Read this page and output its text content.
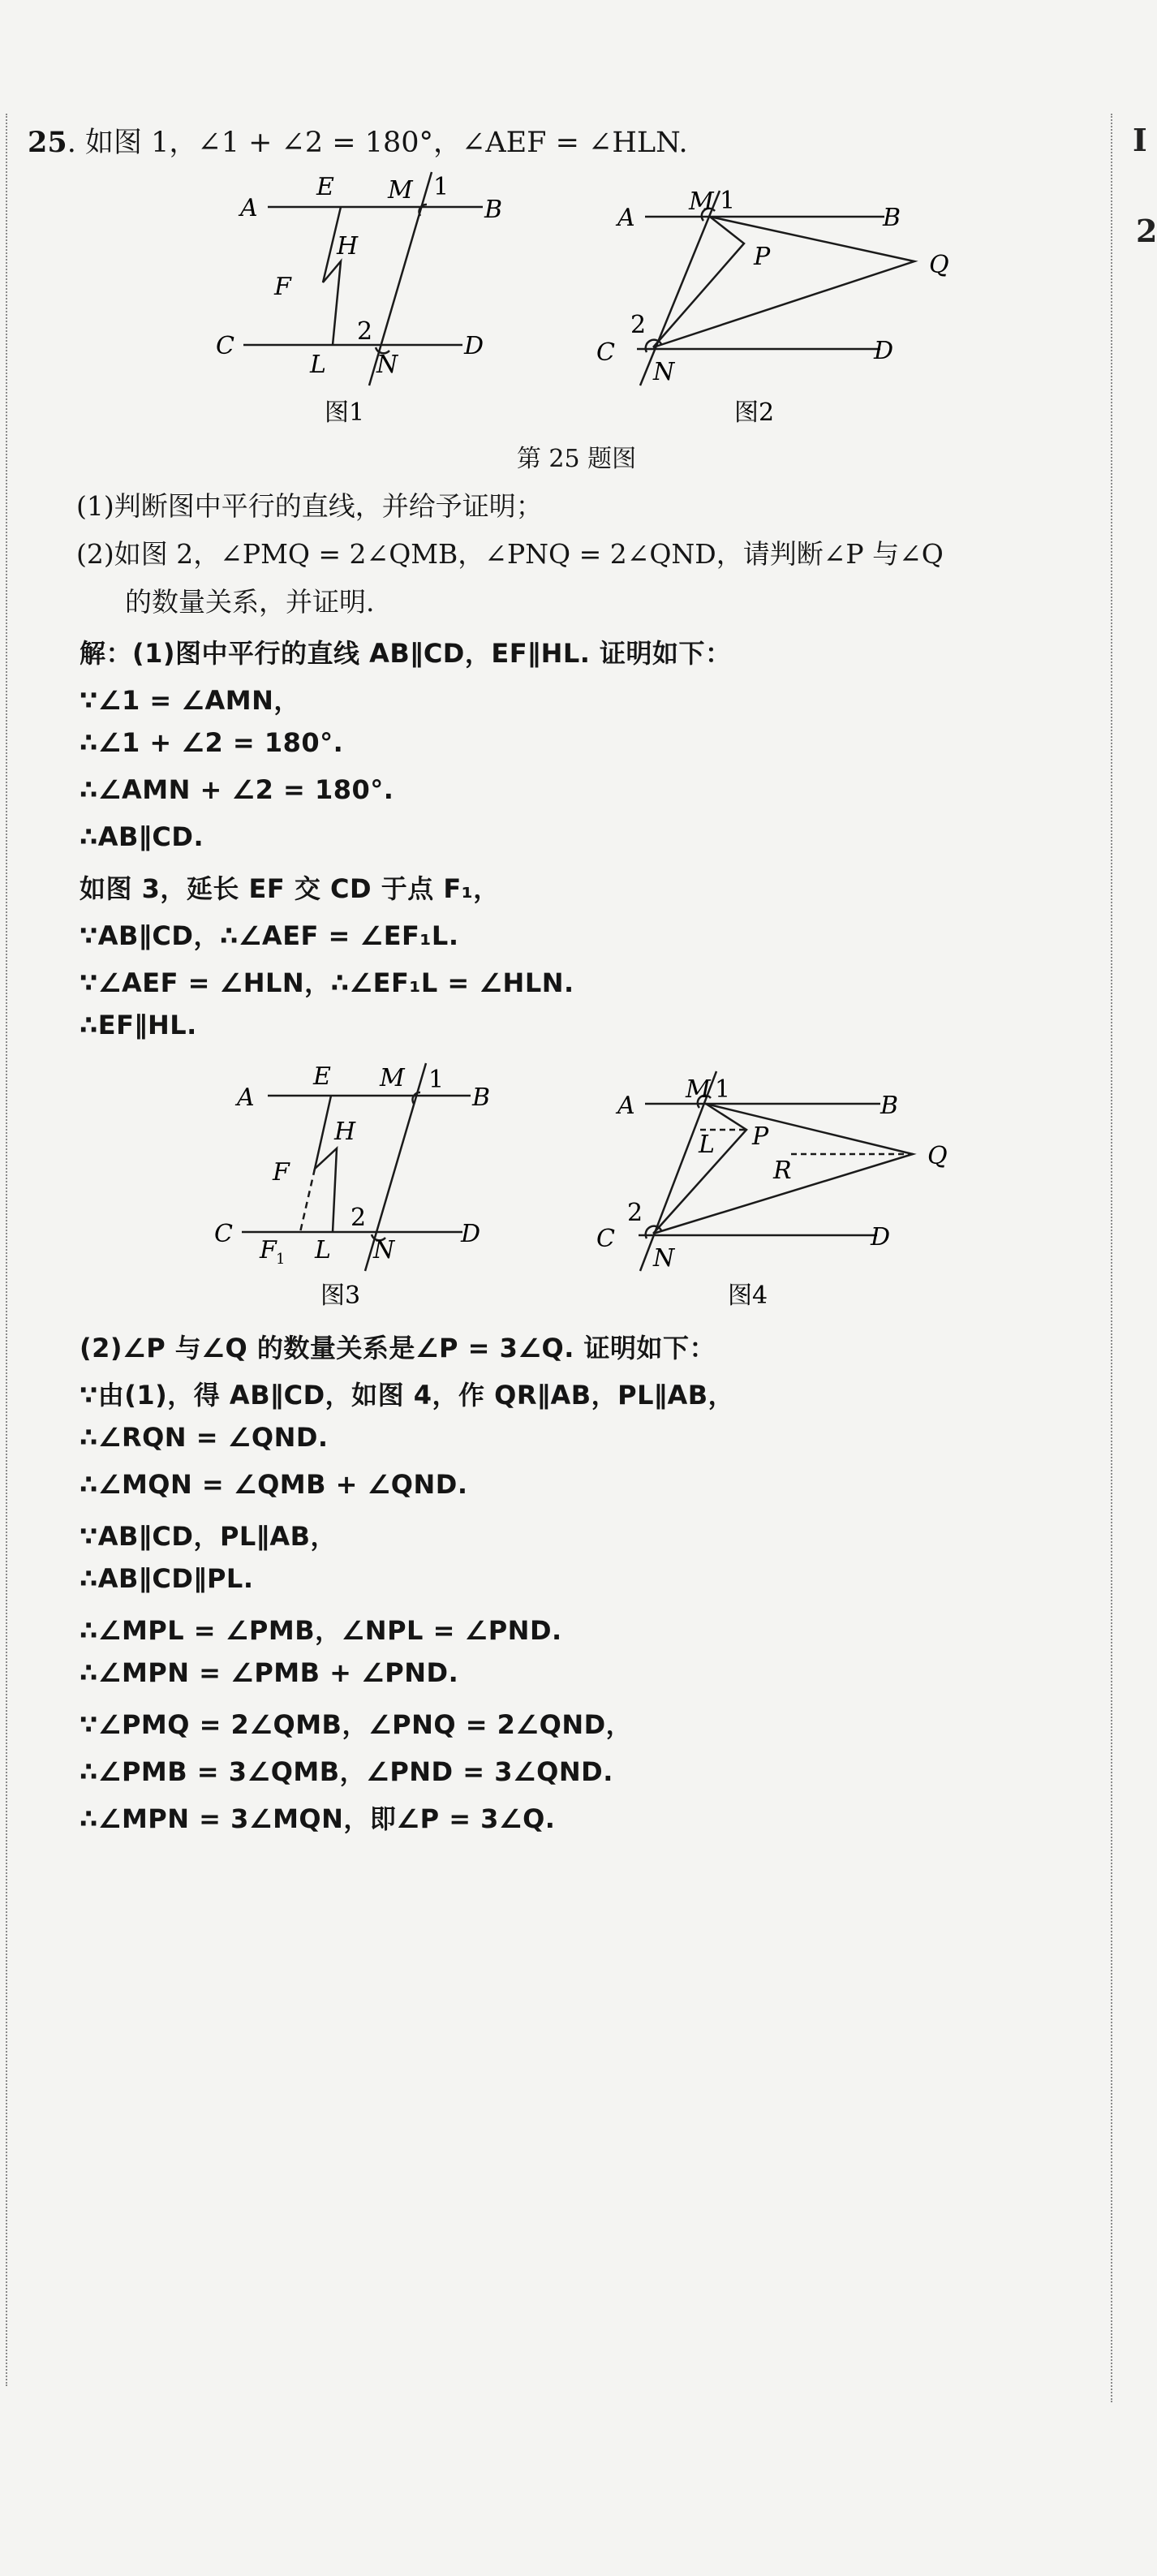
I
2
25. 如图 1，∠1 + ∠2 = 180°，∠AEF = ∠HLN.
A	B
C	D
E
F
H
L
M
N
1
2
图1
A	B
C	D
M
N
P	Q
1
2
图2
第 25 题图
(1)判断图中平行的直线，并给予证明；
(2)如图 2，∠PMQ = 2∠QMB，∠PNQ = 2∠QND，请判断∠P 与∠Q
的数量关系，并证明.
解：(1)图中平行的直线 AB∥CD，EF∥HL. 证明如下：
∵∠1 = ∠AMN，
∴∠1 + ∠2 = 180°.
∴∠AMN + ∠2 = 180°.
∴AB∥CD.
如图 3，延长 EF 交 CD 于点 F₁，
∵AB∥CD，∴∠AEF = ∠EF₁L.
∵∠AEF = ∠HLN，∴∠EF₁L = ∠HLN.
∴EF∥HL.
A	B
C	D
E
F
H
L
M
N
F 1
1
2
图3
A	B
C	D
M
N
P
Q
L
R
1
2
图4
(2)∠P 与∠Q 的数量关系是∠P = 3∠Q. 证明如下：
∵由(1)，得 AB∥CD，如图 4，作 QR∥AB，PL∥AB，
∴∠RQN = ∠QND.
∴∠MQN = ∠QMB + ∠QND.
∵AB∥CD，PL∥AB，
∴AB∥CD∥PL.
∴∠MPL = ∠PMB，∠NPL = ∠PND.
∴∠MPN = ∠PMB + ∠PND.
∵∠PMQ = 2∠QMB，∠PNQ = 2∠QND，
∴∠PMB = 3∠QMB，∠PND = 3∠QND.
∴∠MPN = 3∠MQN，即∠P = 3∠Q.
